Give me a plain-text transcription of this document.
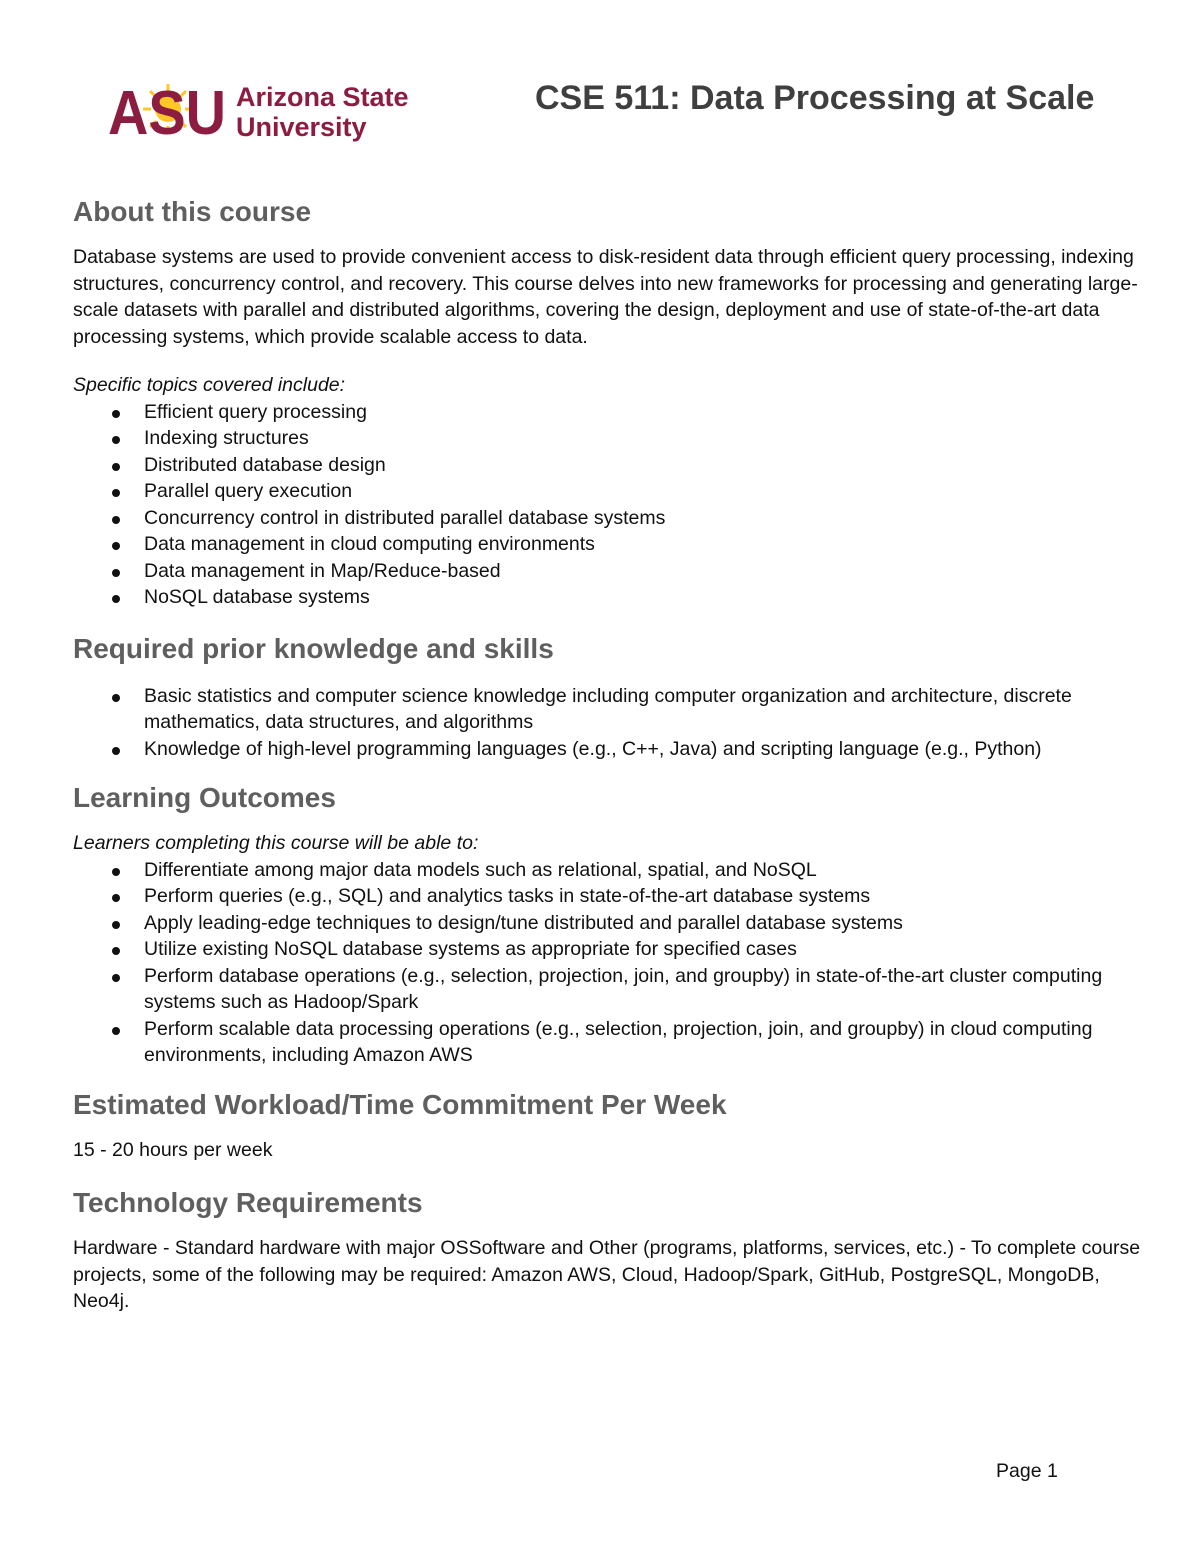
ASU Arizona State
University
CSE 511: Data Processing at Scale
About this course

Database systems are used to provide convenient access to disk-resident data through efficient query processing, indexing structures, concurrency control, and recovery. This course delves into new frameworks for processing and generating large-scale datasets with parallel and distributed algorithms, covering the design, deployment and use of state-of-the-art data processing systems, which provide scalable access to data.

Specific topics covered include:

Efficient query processing
Indexing structures
Distributed database design
Parallel query execution
Concurrency control in distributed parallel database systems
Data management in cloud computing environments
Data management in Map/Reduce-based
NoSQL database systems
Required prior knowledge and skills
Basic statistics and computer science knowledge including computer organization and architecture, discrete mathematics, data structures, and algorithms
Knowledge of high-level programming languages (e.g., C++, Java) and scripting language (e.g., Python)
Learning Outcomes

Learners completing this course will be able to:

Differentiate among major data models such as relational, spatial, and NoSQL
Perform queries (e.g., SQL) and analytics tasks in state-of-the-art database systems
Apply leading-edge techniques to design/tune distributed and parallel database systems
Utilize existing NoSQL database systems as appropriate for specified cases
Perform database operations (e.g., selection, projection, join, and groupby) in state-of-the-art cluster computing systems such as Hadoop/Spark
Perform scalable data processing operations (e.g., selection, projection, join, and groupby) in cloud computing environments, including Amazon AWS
Estimated Workload/Time Commitment Per Week

15 - 20 hours per week

Technology Requirements

Hardware - Standard hardware with major OSSoftware and Other (programs, platforms, services, etc.) - To complete course projects, some of the following may be required: Amazon AWS, Cloud, Hadoop/Spark, GitHub, PostgreSQL, MongoDB, Neo4j.

Page 1
